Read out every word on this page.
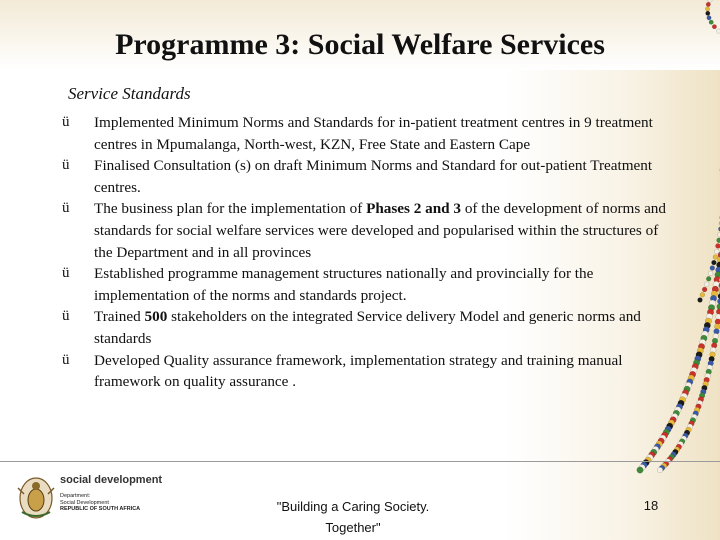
Programme 3: Social Welfare Services
Service Standards
ü Implemented Minimum Norms and Standards for in-patient treatment centres in 9 treatment centres in Mpumalanga, North-west, KZN, Free State and Eastern Cape
ü Finalised Consultation (s) on draft Minimum Norms and Standard for out-patient Treatment centres.
ü The business plan for the implementation of Phases 2 and 3 of the development of norms and standards for social welfare services were developed and popularised within the structures of the Department and in all provinces
ü Established programme management structures nationally and provincially for the implementation of the norms and standards project.
ü Trained 500 stakeholders on the integrated Service delivery Model and generic norms and standards
ü Developed Quality assurance framework, implementation strategy and training manual framework on quality assurance .
social development
Department:
Social Development
REPUBLIC OF SOUTH AFRICA	"Building a Caring Society.
Together"
18
